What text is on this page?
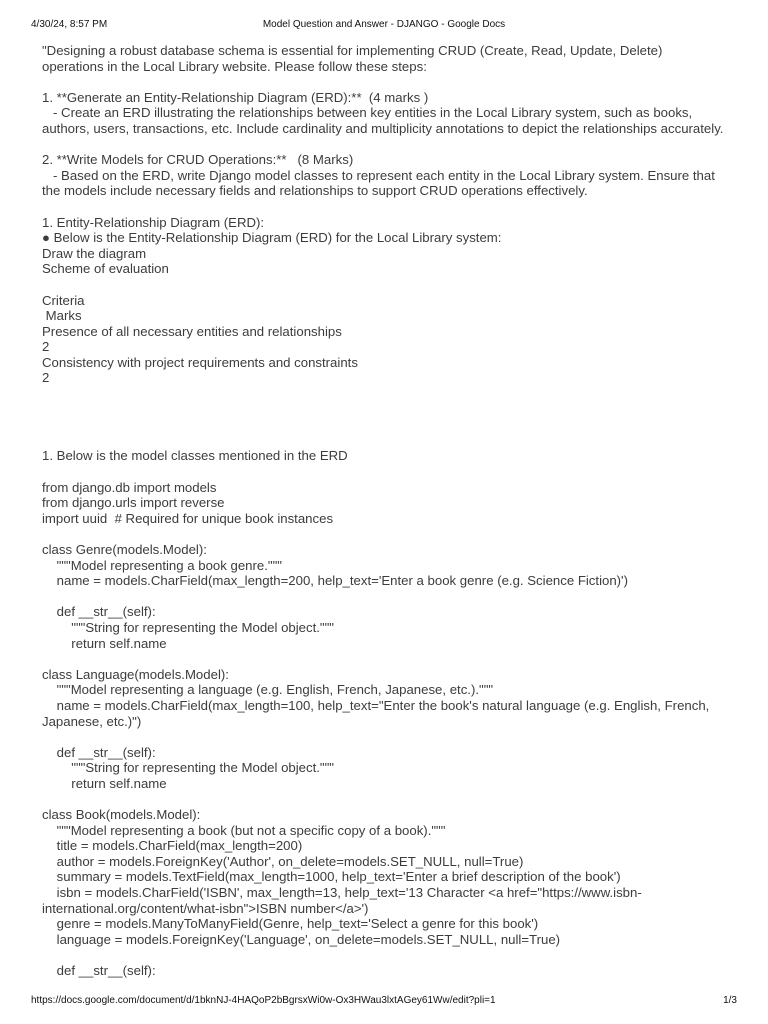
4/30/24, 8:57 PM	Model Question and Answer - DJANGO - Google Docs
"Designing a robust database schema is essential for implementing CRUD (Create, Read, Update, Delete)
operations in the Local Library website. Please follow these steps:
1. **Generate an Entity-Relationship Diagram (ERD):**  (4 marks )
- Create an ERD illustrating the relationships between key entities in the Local Library system, such as books,
authors, users, transactions, etc. Include cardinality and multiplicity annotations to depict the relationships accurately.
2. **Write Models for CRUD Operations:**   (8 Marks)
- Based on the ERD, write Django model classes to represent each entity in the Local Library system. Ensure that
the models include necessary fields and relationships to support CRUD operations effectively.
1. Entity-Relationship Diagram (ERD):
● Below is the Entity-Relationship Diagram (ERD) for the Local Library system:
Draw the diagram
Scheme of evaluation
Criteria
Marks
Presence of all necessary entities and relationships
2
Consistency with project requirements and constraints
2
1. Below is the model classes mentioned in the ERD
from django.db import models
from django.urls import reverse
import uuid  # Required for unique book instances
class Genre(models.Model):
"""Model representing a book genre."""
name = models.CharField(max_length=200, help_text='Enter a book genre (e.g. Science Fiction)')
def __str__(self):
"""String for representing the Model object."""
return self.name
class Language(models.Model):
"""Model representing a language (e.g. English, French, Japanese, etc.)."""
name = models.CharField(max_length=100, help_text="Enter the book's natural language (e.g. English, French,
Japanese, etc.)")
def __str__(self):
"""String for representing the Model object."""
return self.name
class Book(models.Model):
"""Model representing a book (but not a specific copy of a book)."""
title = models.CharField(max_length=200)
author = models.ForeignKey('Author', on_delete=models.SET_NULL, null=True)
summary = models.TextField(max_length=1000, help_text='Enter a brief description of the book')
isbn = models.CharField('ISBN', max_length=13, help_text='13 Character <a href="https://www.isbn-
international.org/content/what-isbn">ISBN number</a>')
genre = models.ManyToManyField(Genre, help_text='Select a genre for this book')
language = models.ForeignKey('Language', on_delete=models.SET_NULL, null=True)
def __str__(self):
https://docs.google.com/document/d/1bknNJ-4HAQoP2bBgrsxWi0w-Ox3HWau3lxtAGey61Ww/edit?pli=1	1/3
